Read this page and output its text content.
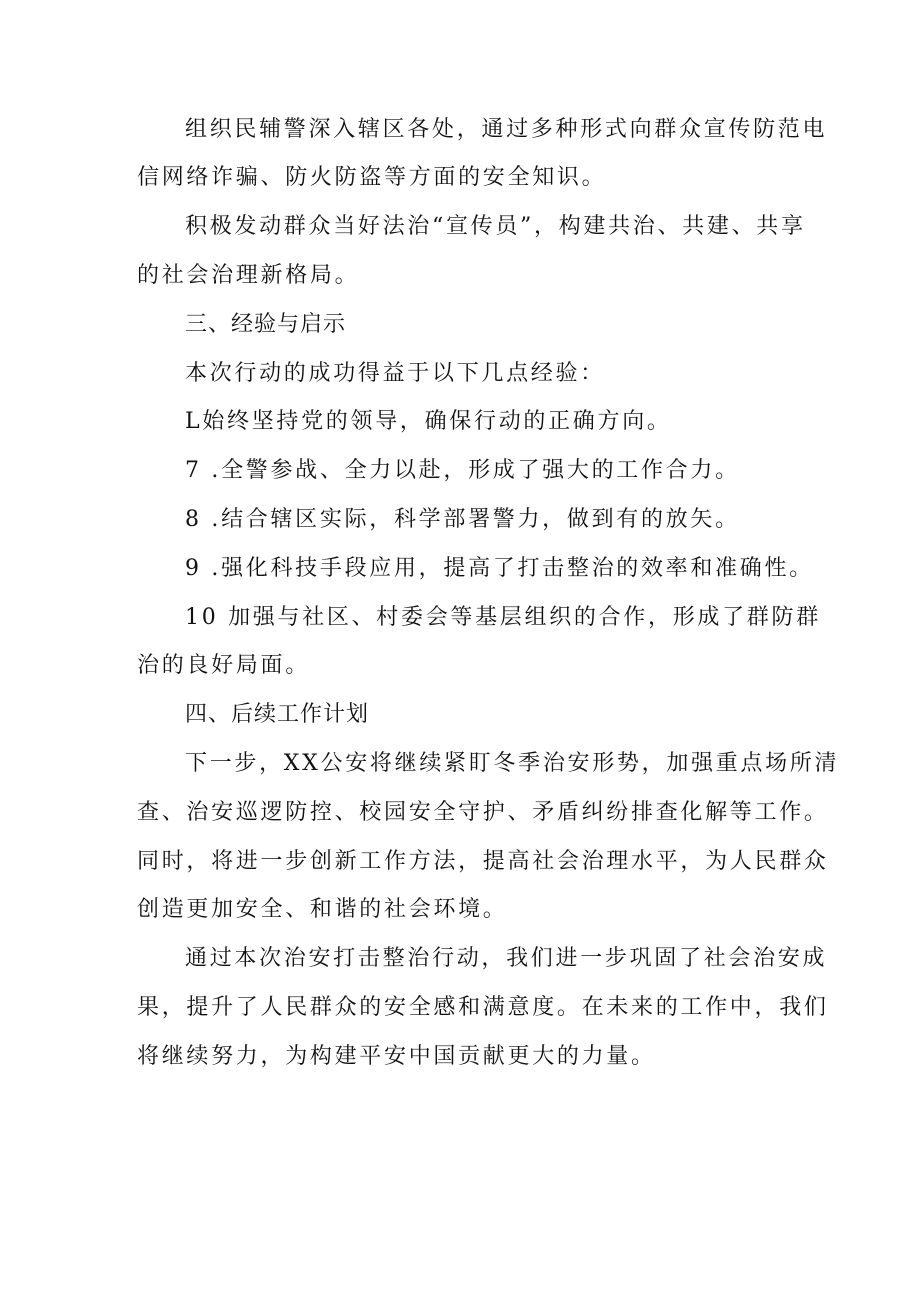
组织民辅警深入辖区各处，通过多种形式向群众宣传防范电
信网络诈骗、防火防盗等方面的安全知识。
积极发动群众当好法治“宣传员”，构建共治、共建、共享
的社会治理新格局。
三、经验与启示
本次行动的成功得益于以下几点经验：
L始终坚持党的领导，确保行动的正确方向。
7 .全警参战、全力以赴，形成了强大的工作合力。
8 .结合辖区实际，科学部署警力，做到有的放矢。
9 .强化科技手段应用，提高了打击整治的效率和准确性。
10 加强与社区、村委会等基层组织的合作，形成了群防群
治的良好局面。
四、后续工作计划
下一步，XX公安将继续紧盯冬季治安形势，加强重点场所清
查、治安巡逻防控、校园安全守护、矛盾纠纷排查化解等工作。
同时，将进一步创新工作方法，提高社会治理水平，为人民群众
创造更加安全、和谐的社会环境。
通过本次治安打击整治行动，我们进一步巩固了社会治安成
果，提升了人民群众的安全感和满意度。在未来的工作中，我们
将继续努力，为构建平安中国贡献更大的力量。
